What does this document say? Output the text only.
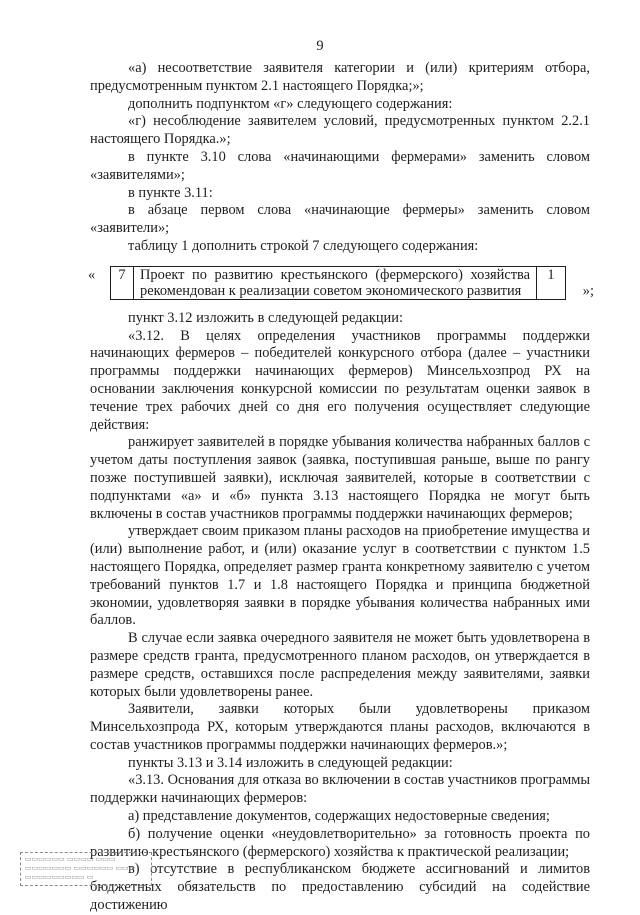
9

«а) несоответствие заявителя категории и (или) критериям отбора, предусмотренным пунктом 2.1 настоящего Порядка;»;

дополнить подпунктом «г» следующего содержания:

«г) несоблюдение заявителем условий, предусмотренных пунктом 2.2.1 настоящего Порядка.»;

в пункте 3.10 слова «начинающими фермерами» заменить словом «заявителями»;

в пункте 3.11:

в абзаце первом слова «начинающие фермеры» заменить словом «заявители»;

таблицу 1 дополнить строкой 7 следующего содержания:

«	7	Проект по развитию крестьянского (фермерского) хозяйства рекомендован к реализации советом экономического развития
1
»;

пункт 3.12 изложить в следующей редакции:

«3.12. В целях определения участников программы поддержки начинающих фермеров – победителей конкурсного отбора (далее – участники программы поддержки начинающих фермеров) Минсельхозпрод РХ на основании заключения конкурсной комиссии по результатам оценки заявок в течение трех рабочих дней со дня его получения осуществляет следующие действия:

ранжирует заявителей в порядке убывания количества набранных баллов с учетом даты поступления заявок (заявка, поступившая раньше, выше по рангу позже поступившей заявки), исключая заявителей, которые в соответствии с подпунктами «а» и «б» пункта 3.13 настоящего Порядка не могут быть включены в состав участников программы поддержки начинающих фермеров;

утверждает своим приказом планы расходов на приобретение имущества и (или) выполнение работ, и (или) оказание услуг в соответствии с пунктом 1.5 настоящего Порядка, определяет размер гранта конкретному заявителю с учетом требований пунктов 1.7 и 1.8 настоящего Порядка и принципа бюджетной экономии, удовлетворяя заявки в порядке убывания количества набранных ими баллов.

В случае если заявка очередного заявителя не может быть удовлетворена в размере средств гранта, предусмотренного планом расходов, он утверждается в размере средств, оставшихся после распределения между заявителями, заявки которых были удовлетворены ранее.

Заявители, заявки которых были удовлетворены приказом Минсельхозпрода РХ, которым утверждаются планы расходов, включаются в состав участников программы поддержки начинающих фермеров.»;

пункты 3.13 и 3.14 изложить в следующей редакции:

«3.13. Основания для отказа во включении в состав участников программы поддержки начинающих фермеров:

а) представление документов, содержащих недостоверные сведения;

б) получение оценки «неудовлетворительно» за готовность проекта по развитию крестьянского (фермерского) хозяйства к практической реализации;

в) отсутствие в республиканском бюджете ассигнований и лимитов бюджетных обязательств по предоставлению субсидий на содействие достижению

▭▭▭▭▭▭ ▭▭▭▭ ▭▭▭
▭▭▭▭▭▭▭ ▭▭▭▭▭▭ ▭▭▭
▭▭▭▭▭▭▭▭▭ ▭
